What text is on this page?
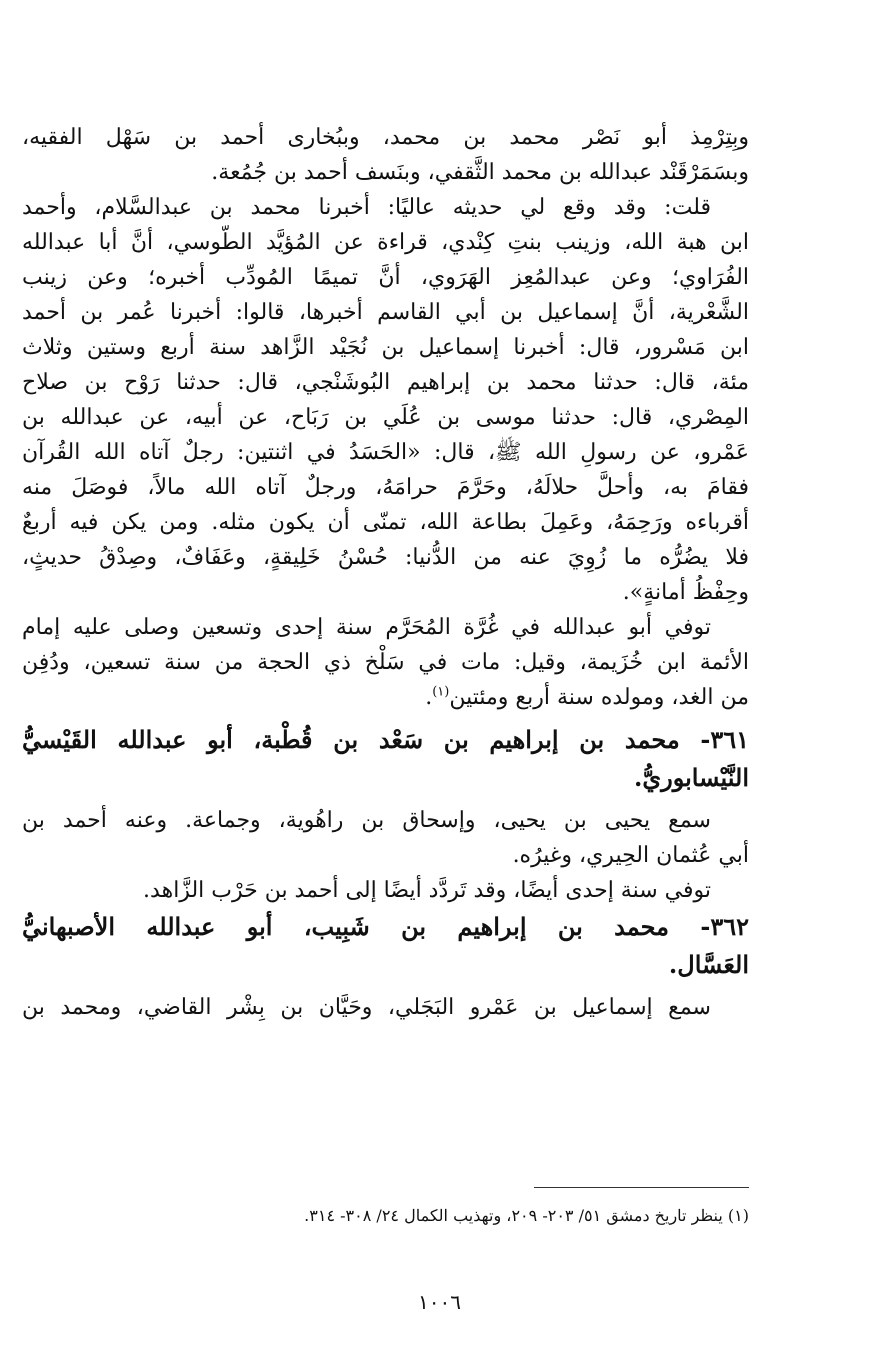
وبِتِرْمِذ أبو نَصْر محمد بن محمد، وببُخارى أحمد بن سَهْل الفقيه،
وبسَمَرْقَنْد عبدالله بن محمد الثَّقفي، وبنَسف أحمد بن جُمُعة.
قلت: وقد وقع لي حديثه عاليًا: أخبرنا محمد بن عبدالسَّلام، وأحمد
ابن هبة الله، وزينب بنتِ كِنْدي، قراءة عن المُؤيَّد الطُّوسي، أنَّ أبا عبدالله
الفُرَاوي؛ وعن عبدالمُعِز الهَرَوي، أنَّ تميمًا المُودِّب أخبره؛ وعن زينب
الشَّعْرية، أنَّ إسماعيل بن أبي القاسم أخبرها، قالوا: أخبرنا عُمر بن أحمد
ابن مَسْرور، قال: أخبرنا إسماعيل بن نُجَيْد الزَّاهد سنة أربع وستين وثلاث
مئة، قال: حدثنا محمد بن إبراهيم البُوشَنْجي، قال: حدثنا رَوْح بن صلاح
المِصْري، قال: حدثنا موسى بن عُلَي بن رَبَاح، عن أبيه، عن عبدالله بن
عَمْرو، عن رسولِ الله ﷺ، قال: «الحَسَدُ في اثنتين: رجلٌ آتاه الله القُرآن
فقامَ به، وأحلَّ حلالَهُ، وحَرَّمَ حرامَهُ، ورجلٌ آتاه الله مالاً، فوصَلَ منه
أقرباءه ورَحِمَهُ، وعَمِلَ بطاعة الله، تمنّى أن يكون مثله. ومن يكن فيه أربعٌ
فلا يضُرُّه ما زُوِيَ عنه من الدُّنيا: حُسْنُ خَلِيقةٍ، وعَفَافٌ، وصِدْقُ حديثٍ،
وحِفْظُ أمانةٍ».
توفي أبو عبدالله في غُرَّة المُحَرَّم سنة إحدى وتسعين وصلى عليه إمام
الأئمة ابن خُزَيمة، وقيل: مات في سَلْخ ذي الحجة من سنة تسعين، ودُفِن
من الغد، ومولده سنة أربع ومئتين$^{(١)}$.
٣٦١- محمد بن إبراهيم بن سَعْد بن قُطْبة، أبو عبدالله القَيْسيُّ
النَّيْسابوريُّ.
سمع يحيى بن يحيى، وإسحاق بن راهُوية، وجماعة. وعنه أحمد بن
أبي عُثمان الحِيري، وغيرُه.
توفي سنة إحدى أيضًا، وقد تَردَّد أيضًا إلى أحمد بن حَرْب الزَّاهد.
٣٦٢- محمد بن إبراهيم بن شَبِيب، أبو عبدالله الأصبهانيُّ
العَسَّال.
سمع إسماعيل بن عَمْرو البَجَلي، وحَيَّان بن بِشْر القاضي، ومحمد بن
(١) ينظر تاريخ دمشق ٥١/ ٢٠٣- ٢٠٩، وتهذيب الكمال ٢٤/ ٣٠٨- ٣١٤.
١٠٠٦
